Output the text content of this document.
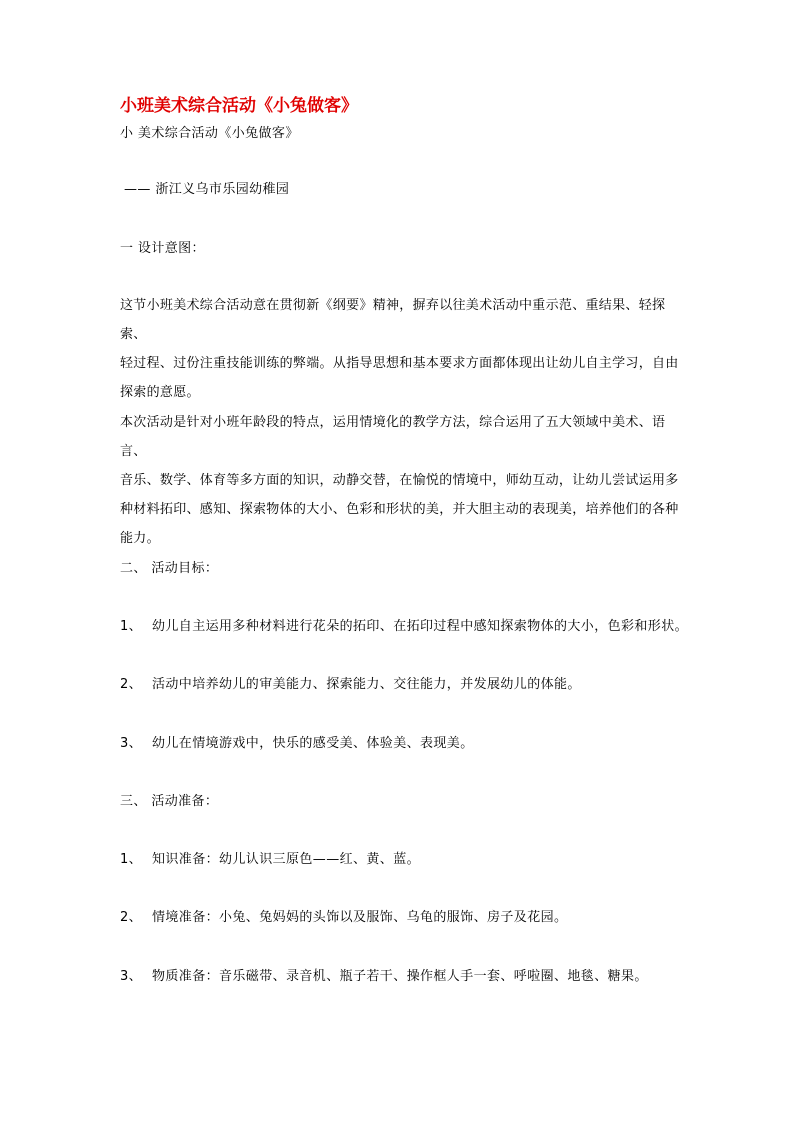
小班美术综合活动《小兔做客》
小 美术综合活动《小兔做客》
—— 浙江义乌市乐园幼稚园
一 设计意图：
这节小班美术综合活动意在贯彻新《纲要》精神，摒弃以往美术活动中重示范、重结果、轻探索、
轻过程、过份注重技能训练的弊端。从指导思想和基本要求方面都体现出让幼儿自主学习，自由
探索的意愿。
本次活动是针对小班年龄段的特点，运用情境化的教学方法，综合运用了五大领域中美术、语言、
音乐、数学、体育等多方面的知识，动静交替，在愉悦的情境中，师幼互动，让幼儿尝试运用多
种材料拓印、感知、探索物体的大小、色彩和形状的美，并大胆主动的表现美，培养他们的各种
能力。
二、 活动目标：
1、 幼儿自主运用多种材料进行花朵的拓印、在拓印过程中感知探索物体的大小，色彩和形状。
2、 活动中培养幼儿的审美能力、探索能力、交往能力，并发展幼儿的体能。
3、 幼儿在情境游戏中，快乐的感受美、体验美、表现美。
三、 活动准备：
1、 知识准备：幼儿认识三原色——红、黄、蓝。
2、 情境准备：小兔、兔妈妈的头饰以及服饰、乌龟的服饰、房子及花园。
3、 物质准备：音乐磁带、录音机、瓶子若干、操作框人手一套、呼啦圈、地毯、糖果。
